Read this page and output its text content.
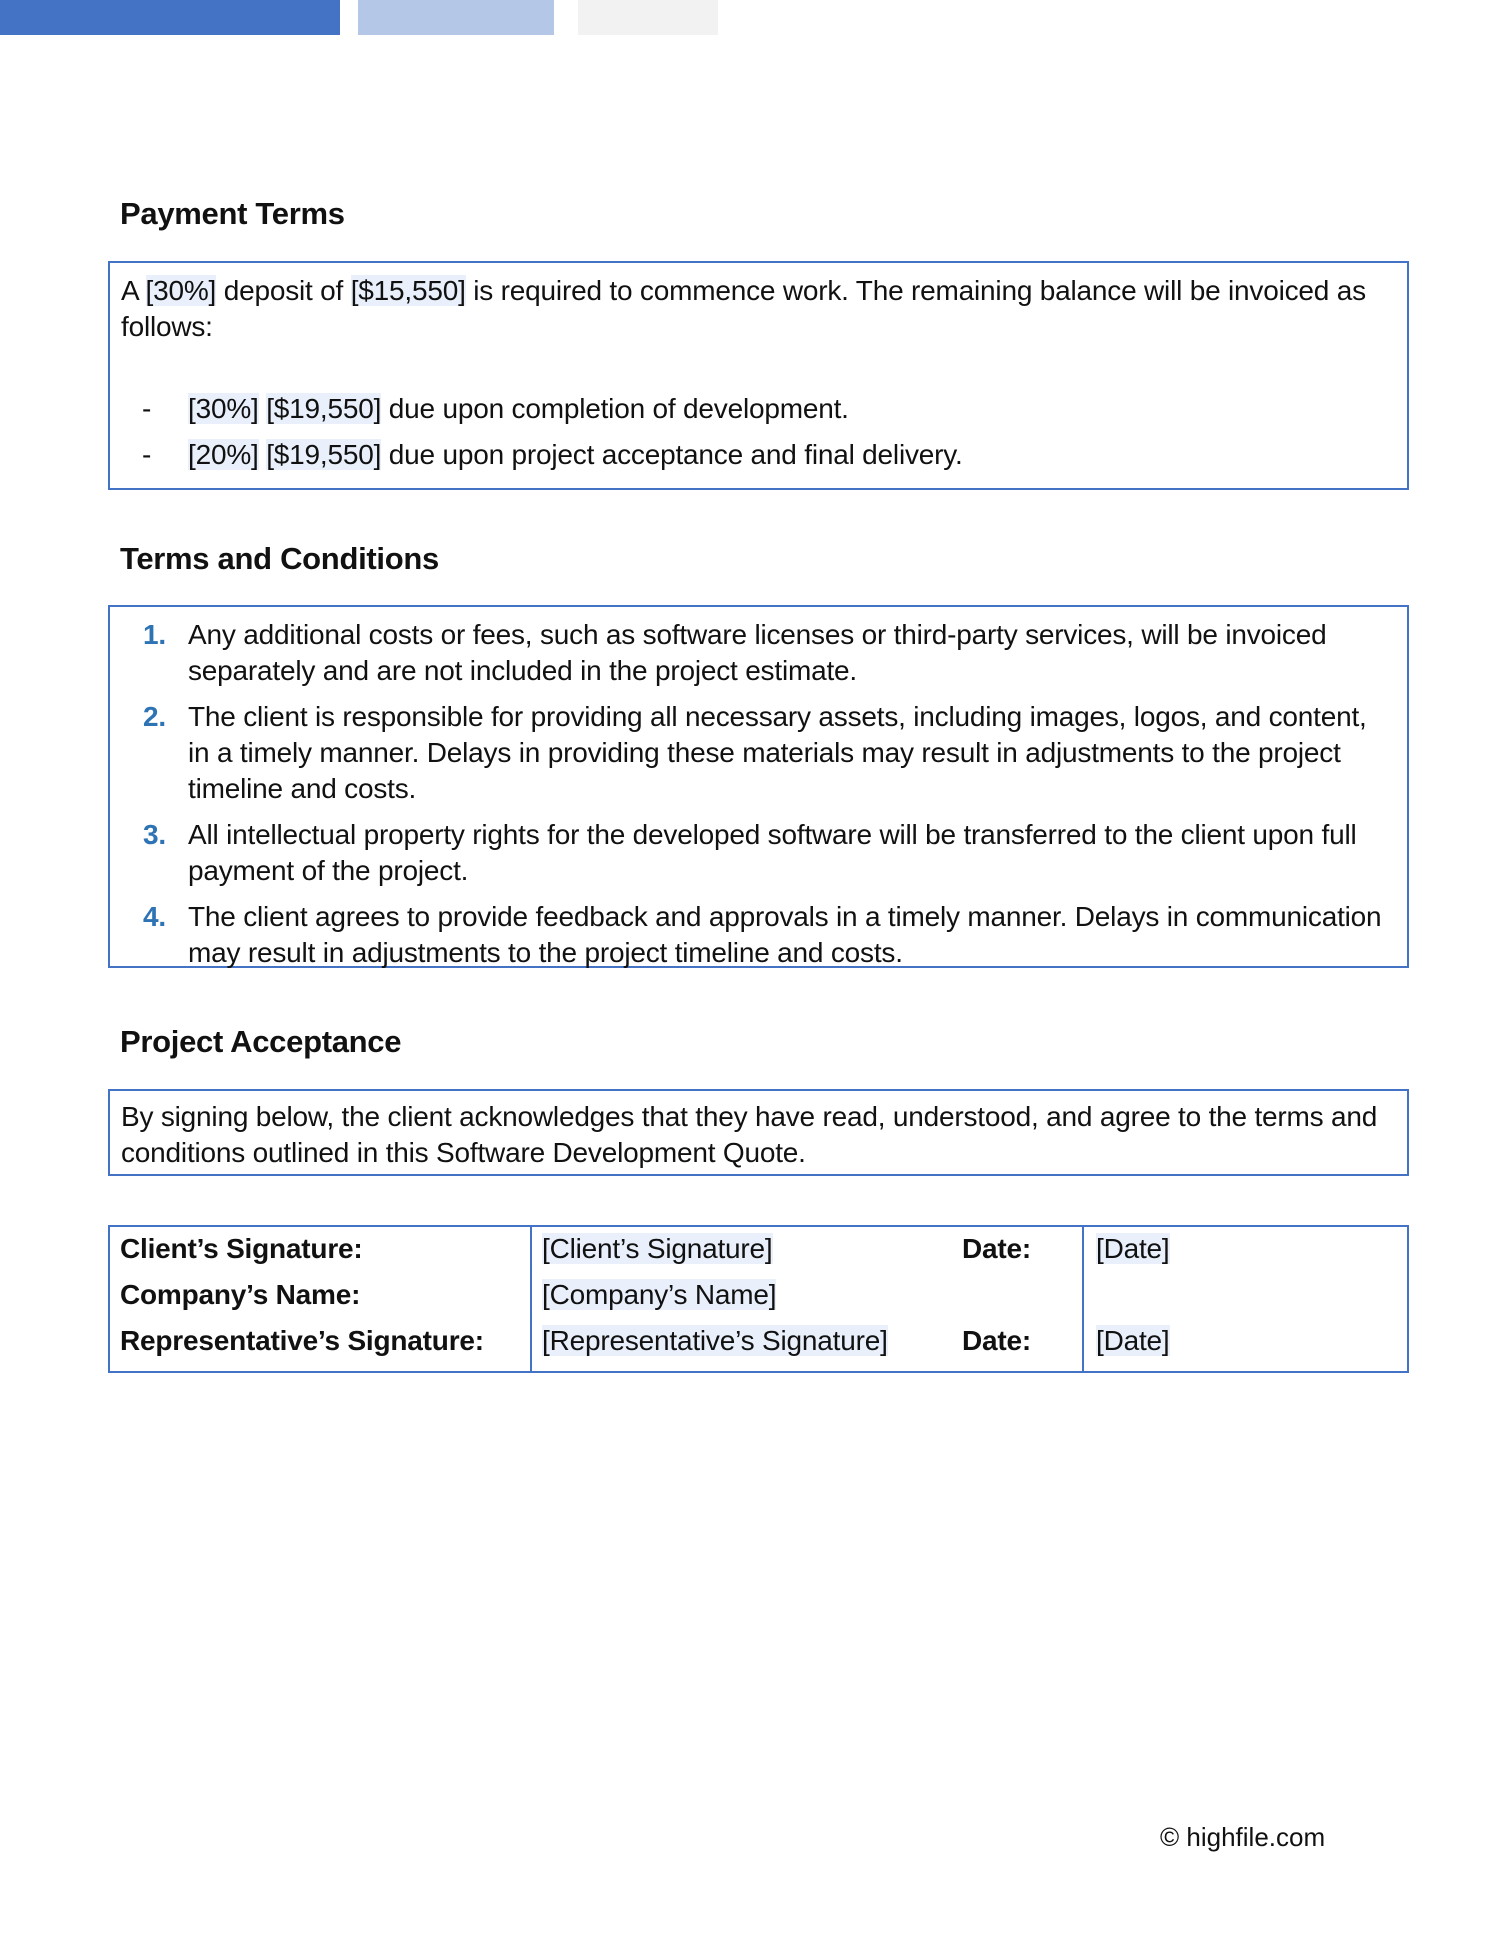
Payment Terms
A [30%] deposit of [$15,550] is required to commence work. The remaining balance will be invoiced as follows:
- [30%] [$19,550] due upon completion of development.
- [20%] [$19,550] due upon project acceptance and final delivery.
Terms and Conditions
1. Any additional costs or fees, such as software licenses or third-party services, will be invoiced separately and are not included in the project estimate.
2. The client is responsible for providing all necessary assets, including images, logos, and content, in a timely manner. Delays in providing these materials may result in adjustments to the project timeline and costs.
3. All intellectual property rights for the developed software will be transferred to the client upon full payment of the project.
4. The client agrees to provide feedback and approvals in a timely manner. Delays in communication may result in adjustments to the project timeline and costs.
Project Acceptance
By signing below, the client acknowledges that they have read, understood, and agree to the terms and conditions outlined in this Software Development Quote.
Client’s Signature:	[Client’s Signature]	Date:	[Date]
Company’s Name:	[Company’s Name]		
Representative’s Signature:	[Representative’s Signature]	Date:	[Date]
© highfile.com
